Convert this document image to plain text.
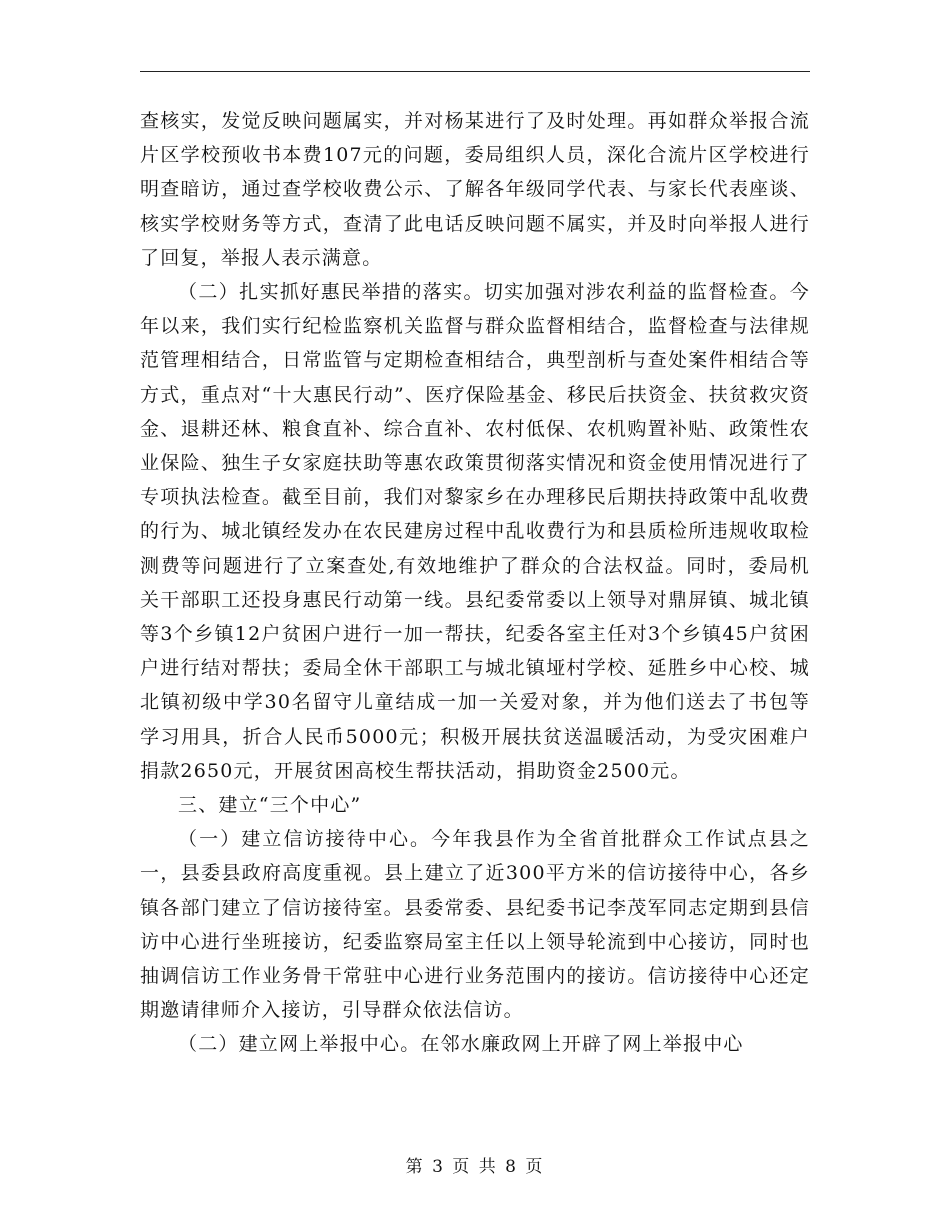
查核实，发觉反映问题属实，并对杨某进行了及时处理。再如群众举报合流片区学校预收书本费107元的问题，委局组织人员，深化合流片区学校进行明查暗访，通过查学校收费公示、了解各年级同学代表、与家长代表座谈、核实学校财务等方式，查清了此电话反映问题不属实，并及时向举报人进行了回复，举报人表示满意。

（二）扎实抓好惠民举措的落实。切实加强对涉农利益的监督检查。今年以来，我们实行纪检监察机关监督与群众监督相结合，监督检查与法律规范管理相结合，日常监管与定期检查相结合，典型剖析与查处案件相结合等方式，重点对“十大惠民行动”、医疗保险基金、移民后扶资金、扶贫救灾资金、退耕还林、粮食直补、综合直补、农村低保、农机购置补贴、政策性农业保险、独生子女家庭扶助等惠农政策贯彻落实情况和资金使用情况进行了专项执法检查。截至目前，我们对黎家乡在办理移民后期扶持政策中乱收费的行为、城北镇经发办在农民建房过程中乱收费行为和县质检所违规收取检测费等问题进行了立案查处,有效地维护了群众的合法权益。同时，委局机关干部职工还投身惠民行动第一线。县纪委常委以上领导对鼎屏镇、城北镇等3个乡镇12户贫困户进行一加一帮扶，纪委各室主任对3个乡镇45户贫困户进行结对帮扶；委局全休干部职工与城北镇垭村学校、延胜乡中心校、城北镇初级中学30名留守儿童结成一加一关爱对象，并为他们送去了书包等学习用具，折合人民币5000元；积极开展扶贫送温暖活动，为受灾困难户捐款2650元，开展贫困高校生帮扶活动，捐助资金2500元。

三、建立“三个中心”

（一）建立信访接待中心。今年我县作为全省首批群众工作试点县之一，县委县政府高度重视。县上建立了近300平方米的信访接待中心，各乡镇各部门建立了信访接待室。县委常委、县纪委书记李茂军同志定期到县信访中心进行坐班接访，纪委监察局室主任以上领导轮流到中心接访，同时也抽调信访工作业务骨干常驻中心进行业务范围内的接访。信访接待中心还定期邀请律师介入接访，引导群众依法信访。

（二）建立网上举报中心。在邻水廉政网上开辟了网上举报中心

第 3 页 共 8 页
